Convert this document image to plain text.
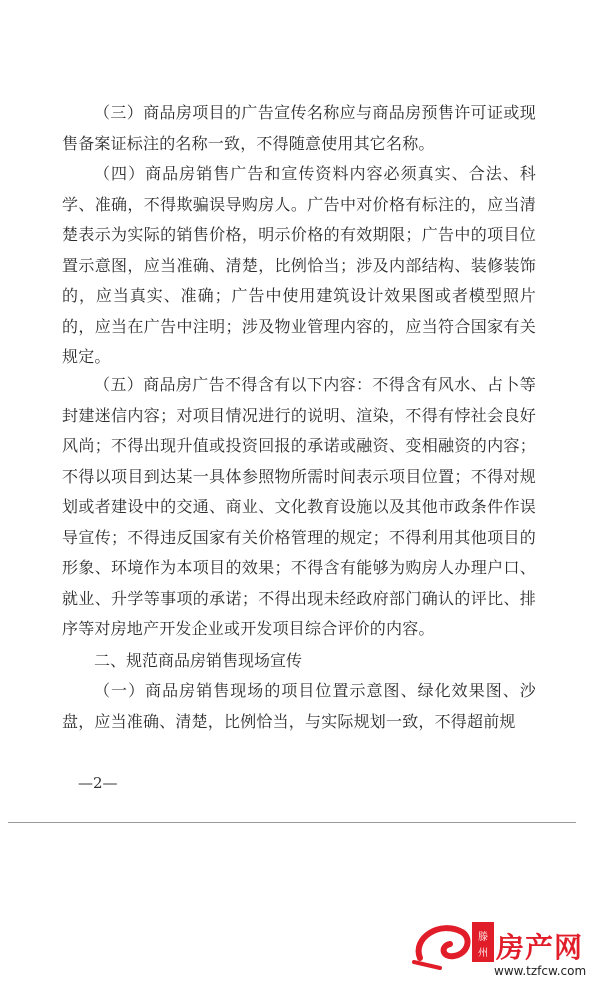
（三）商品房项目的广告宣传名称应与商品房预售许可证或现售备案证标注的名称一致，不得随意使用其它名称。

（四）商品房销售广告和宣传资料内容必须真实、合法、科学、准确，不得欺骗误导购房人。广告中对价格有标注的，应当清楚表示为实际的销售价格，明示价格的有效期限；广告中的项目位置示意图，应当准确、清楚，比例恰当；涉及内部结构、装修装饰的，应当真实、准确；广告中使用建筑设计效果图或者模型照片的，应当在广告中注明；涉及物业管理内容的，应当符合国家有关规定。

（五）商品房广告不得含有以下内容：不得含有风水、占卜等封建迷信内容；对项目情况进行的说明、渲染，不得有悖社会良好风尚；不得出现升值或投资回报的承诺或融资、变相融资的内容；不得以项目到达某一具体参照物所需时间表示项目位置；不得对规划或者建设中的交通、商业、文化教育设施以及其他市政条件作误导宣传；不得违反国家有关价格管理的规定；不得利用其他项目的形象、环境作为本项目的效果；不得含有能够为购房人办理户口、就业、升学等事项的承诺；不得出现未经政府部门确认的评比、排序等对房地产开发企业或开发项目综合评价的内容。

二、规范商品房销售现场宣传

（一）商品房销售现场的项目位置示意图、绿化效果图、沙盘，应当准确、清楚，比例恰当，与实际规划一致，不得超前规

—2—
滕
州 房产网
www.tzfcw.com
